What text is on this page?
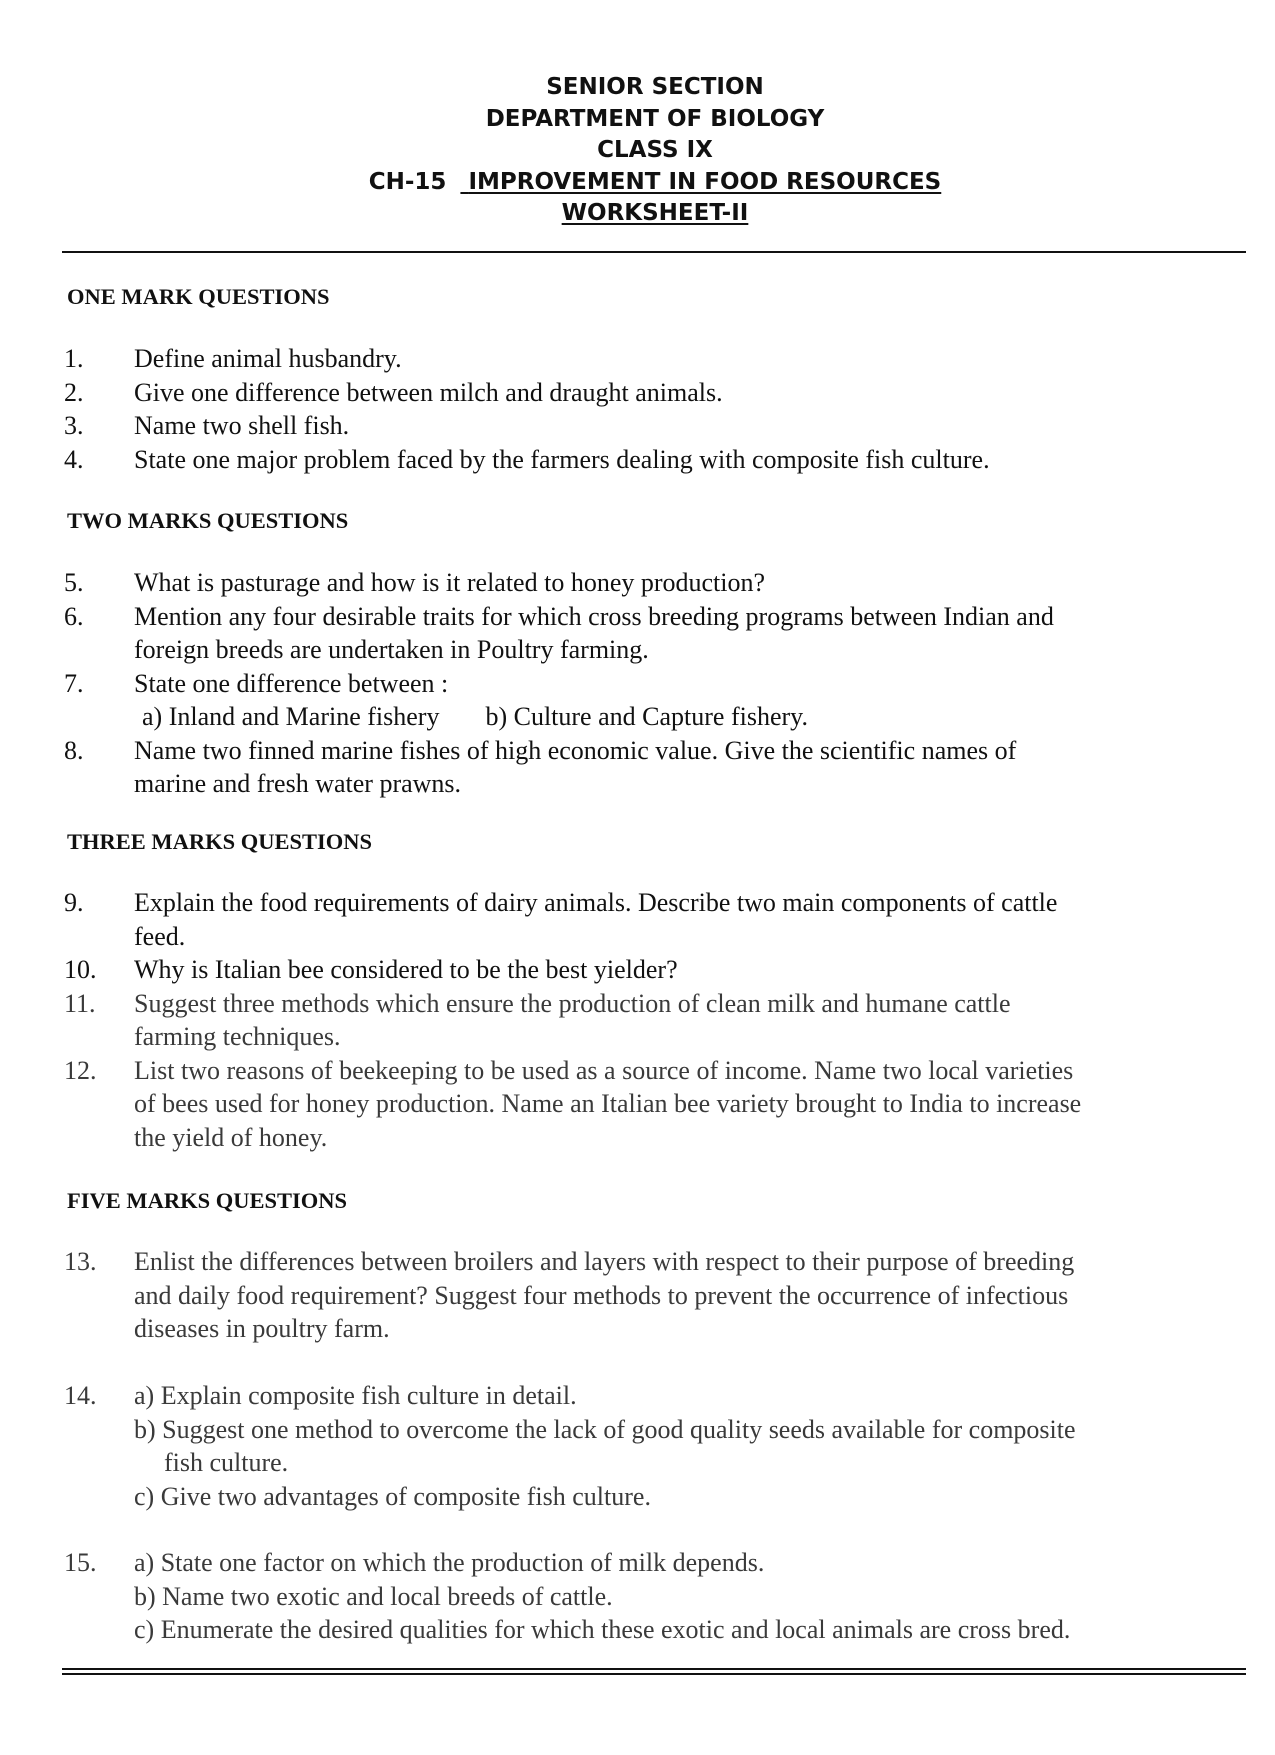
SENIOR SECTION
DEPARTMENT OF BIOLOGY
CLASS IX
CH-15 IMPROVEMENT IN FOOD RESOURCES
WORKSHEET-II
ONE MARK QUESTIONS
1. Define animal husbandry.
2. Give one difference between milch and draught animals.
3. Name two shell fish.
4. State one major problem faced by the farmers dealing with composite fish culture.
TWO MARKS QUESTIONS
5. What is pasturage and how is it related to honey production?
6. Mention any four desirable traits for which cross breeding programs between Indian and
foreign breeds are undertaken in Poultry farming.
7. State one difference between :
a) Inland and Marine fishery b) Culture and Capture fishery.
8. Name two finned marine fishes of high economic value. Give the scientific names of
marine and fresh water prawns.
THREE MARKS QUESTIONS
9. Explain the food requirements of dairy animals. Describe two main components of cattle
feed.
10. Why is Italian bee considered to be the best yielder?
11. Suggest three methods which ensure the production of clean milk and humane cattle
farming techniques.
12. List two reasons of beekeeping to be used as a source of income. Name two local varieties
of bees used for honey production. Name an Italian bee variety brought to India to increase
the yield of honey.
FIVE MARKS QUESTIONS
13. Enlist the differences between broilers and layers with respect to their purpose of breeding
and daily food requirement? Suggest four methods to prevent the occurrence of infectious
diseases in poultry farm.
14. a) Explain composite fish culture in detail.
b) Suggest one method to overcome the lack of good quality seeds available for composite
fish culture.
c) Give two advantages of composite fish culture.
15. a) State one factor on which the production of milk depends.
b) Name two exotic and local breeds of cattle.
c) Enumerate the desired qualities for which these exotic and local animals are cross bred.
